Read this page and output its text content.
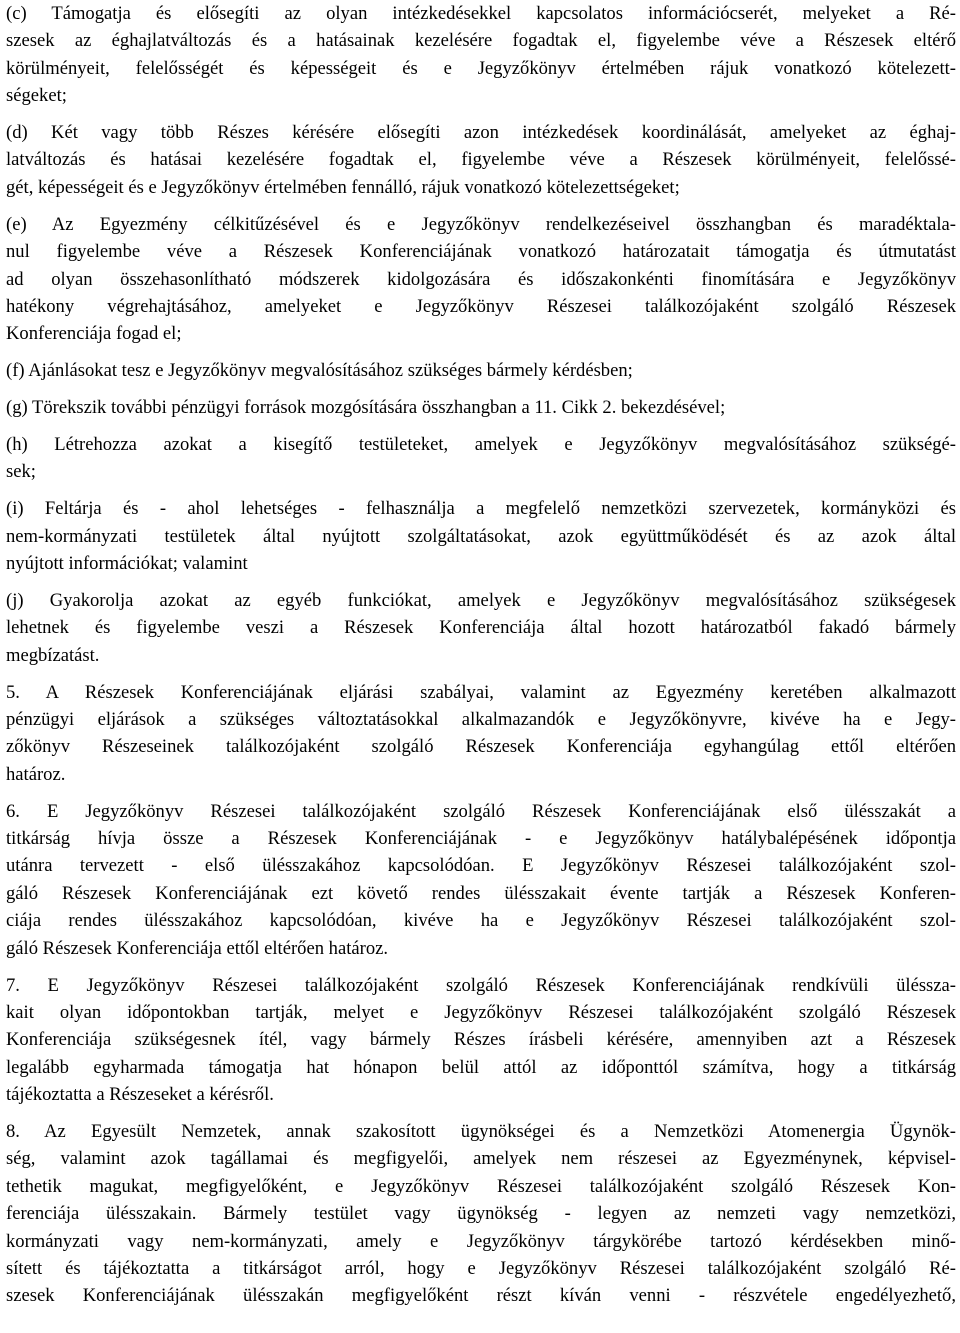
(c) Támogatja és elősegíti az olyan intézkedésekkel kapcsolatos információcserét, melyeket a Ré-
szesek az éghajlatváltozás és a hatásainak kezelésére fogadtak el, figyelembe véve a Részesek eltérő
körülményeit, felelősségét és képességeit és e Jegyzőkönyv értelmében rájuk vonatkozó kötelezett-
ségeket;

(d) Két vagy több Részes kérésére elősegíti azon intézkedések koordinálását, amelyeket az éghaj-
latváltozás és hatásai kezelésére fogadtak el, figyelembe véve a Részesek körülményeit, felelőssé-
gét, képességeit és e Jegyzőkönyv értelmében fennálló, rájuk vonatkozó kötelezettségeket;

(e) Az Egyezmény célkitűzésével és e Jegyzőkönyv rendelkezéseivel összhangban és maradéktala-
nul figyelembe véve a Részesek Konferenciájának vonatkozó határozatait támogatja és útmutatást
ad olyan összehasonlítható módszerek kidolgozására és időszakonkénti finomítására e Jegyzőkönyv
hatékony végrehajtásához, amelyeket e Jegyzőkönyv Részesei találkozójaként szolgáló Részesek
Konferenciája fogad el;

(f) Ajánlásokat tesz e Jegyzőkönyv megvalósításához szükséges bármely kérdésben;

(g) Törekszik további pénzügyi források mozgósítására összhangban a 11. Cikk 2. bekezdésével;

(h) Létrehozza azokat a kisegítő testületeket, amelyek e Jegyzőkönyv megvalósításához szükségé-
sek;

(i) Feltárja és - ahol lehetséges - felhasználja a megfelelő nemzetközi szervezetek, kormányközi és
nem-kormányzati testületek által nyújtott szolgáltatásokat, azok együttműködését és az azok által
nyújtott információkat; valamint

(j) Gyakorolja azokat az egyéb funkciókat, amelyek e Jegyzőkönyv megvalósításához szükségesek
lehetnek és figyelembe veszi a Részesek Konferenciája által hozott határozatból fakadó bármely
megbízatást.

5. A Részesek Konferenciájának eljárási szabályai, valamint az Egyezmény keretében alkalmazott
pénzügyi eljárások a szükséges változtatásokkal alkalmazandók e Jegyzőkönyvre, kivéve ha e Jegy-
zőkönyv Részeseinek találkozójaként szolgáló Részesek Konferenciája egyhangúlag ettől eltérően
határoz.

6. E Jegyzőkönyv Részesei találkozójaként szolgáló Részesek Konferenciájának első ülésszakát a
titkárság hívja össze a Részesek Konferenciájának - e Jegyzőkönyv hatálybalépésének időpontja
utánra tervezett - első ülésszakához kapcsolódóan. E Jegyzőkönyv Részesei találkozójaként szol-
gáló Részesek Konferenciájának ezt követő rendes ülésszakait évente tartják a Részesek Konferen-
ciája rendes ülésszakához kapcsolódóan, kivéve ha e Jegyzőkönyv Részesei találkozójaként szol-
gáló Részesek Konferenciája ettől eltérően határoz.

7. E Jegyzőkönyv Részesei találkozójaként szolgáló Részesek Konferenciájának rendkívüli üléssza-
kait olyan időpontokban tartják, melyet e Jegyzőkönyv Részesei találkozójaként szolgáló Részesek
Konferenciája szükségesnek ítél, vagy bármely Részes írásbeli kérésére, amennyiben azt a Részesek
legalább egyharmada támogatja hat hónapon belül attól az időponttól számítva, hogy a titkárság
tájékoztatta a Részeseket a kérésről.

8. Az Egyesült Nemzetek, annak szakosított ügynökségei és a Nemzetközi Atomenergia Ügynök-
ség, valamint azok tagállamai és megfigyelői, amelyek nem részesei az Egyezménynek, képvisel-
tethetik magukat, megfigyelőként, e Jegyzőkönyv Részesei találkozójaként szolgáló Részesek Kon-
ferenciája ülésszakain. Bármely testület vagy ügynökség - legyen az nemzeti vagy nemzetközi,
kormányzati vagy nem-kormányzati, amely e Jegyzőkönyv tárgykörébe tartozó kérdésekben minő-
sített és tájékoztatta a titkárságot arról, hogy e Jegyzőkönyv Részesei találkozójaként szolgáló Ré-
szesek Konferenciájának ülésszakán megfigyelőként részt kíván venni - részvétele engedélyezhető,
